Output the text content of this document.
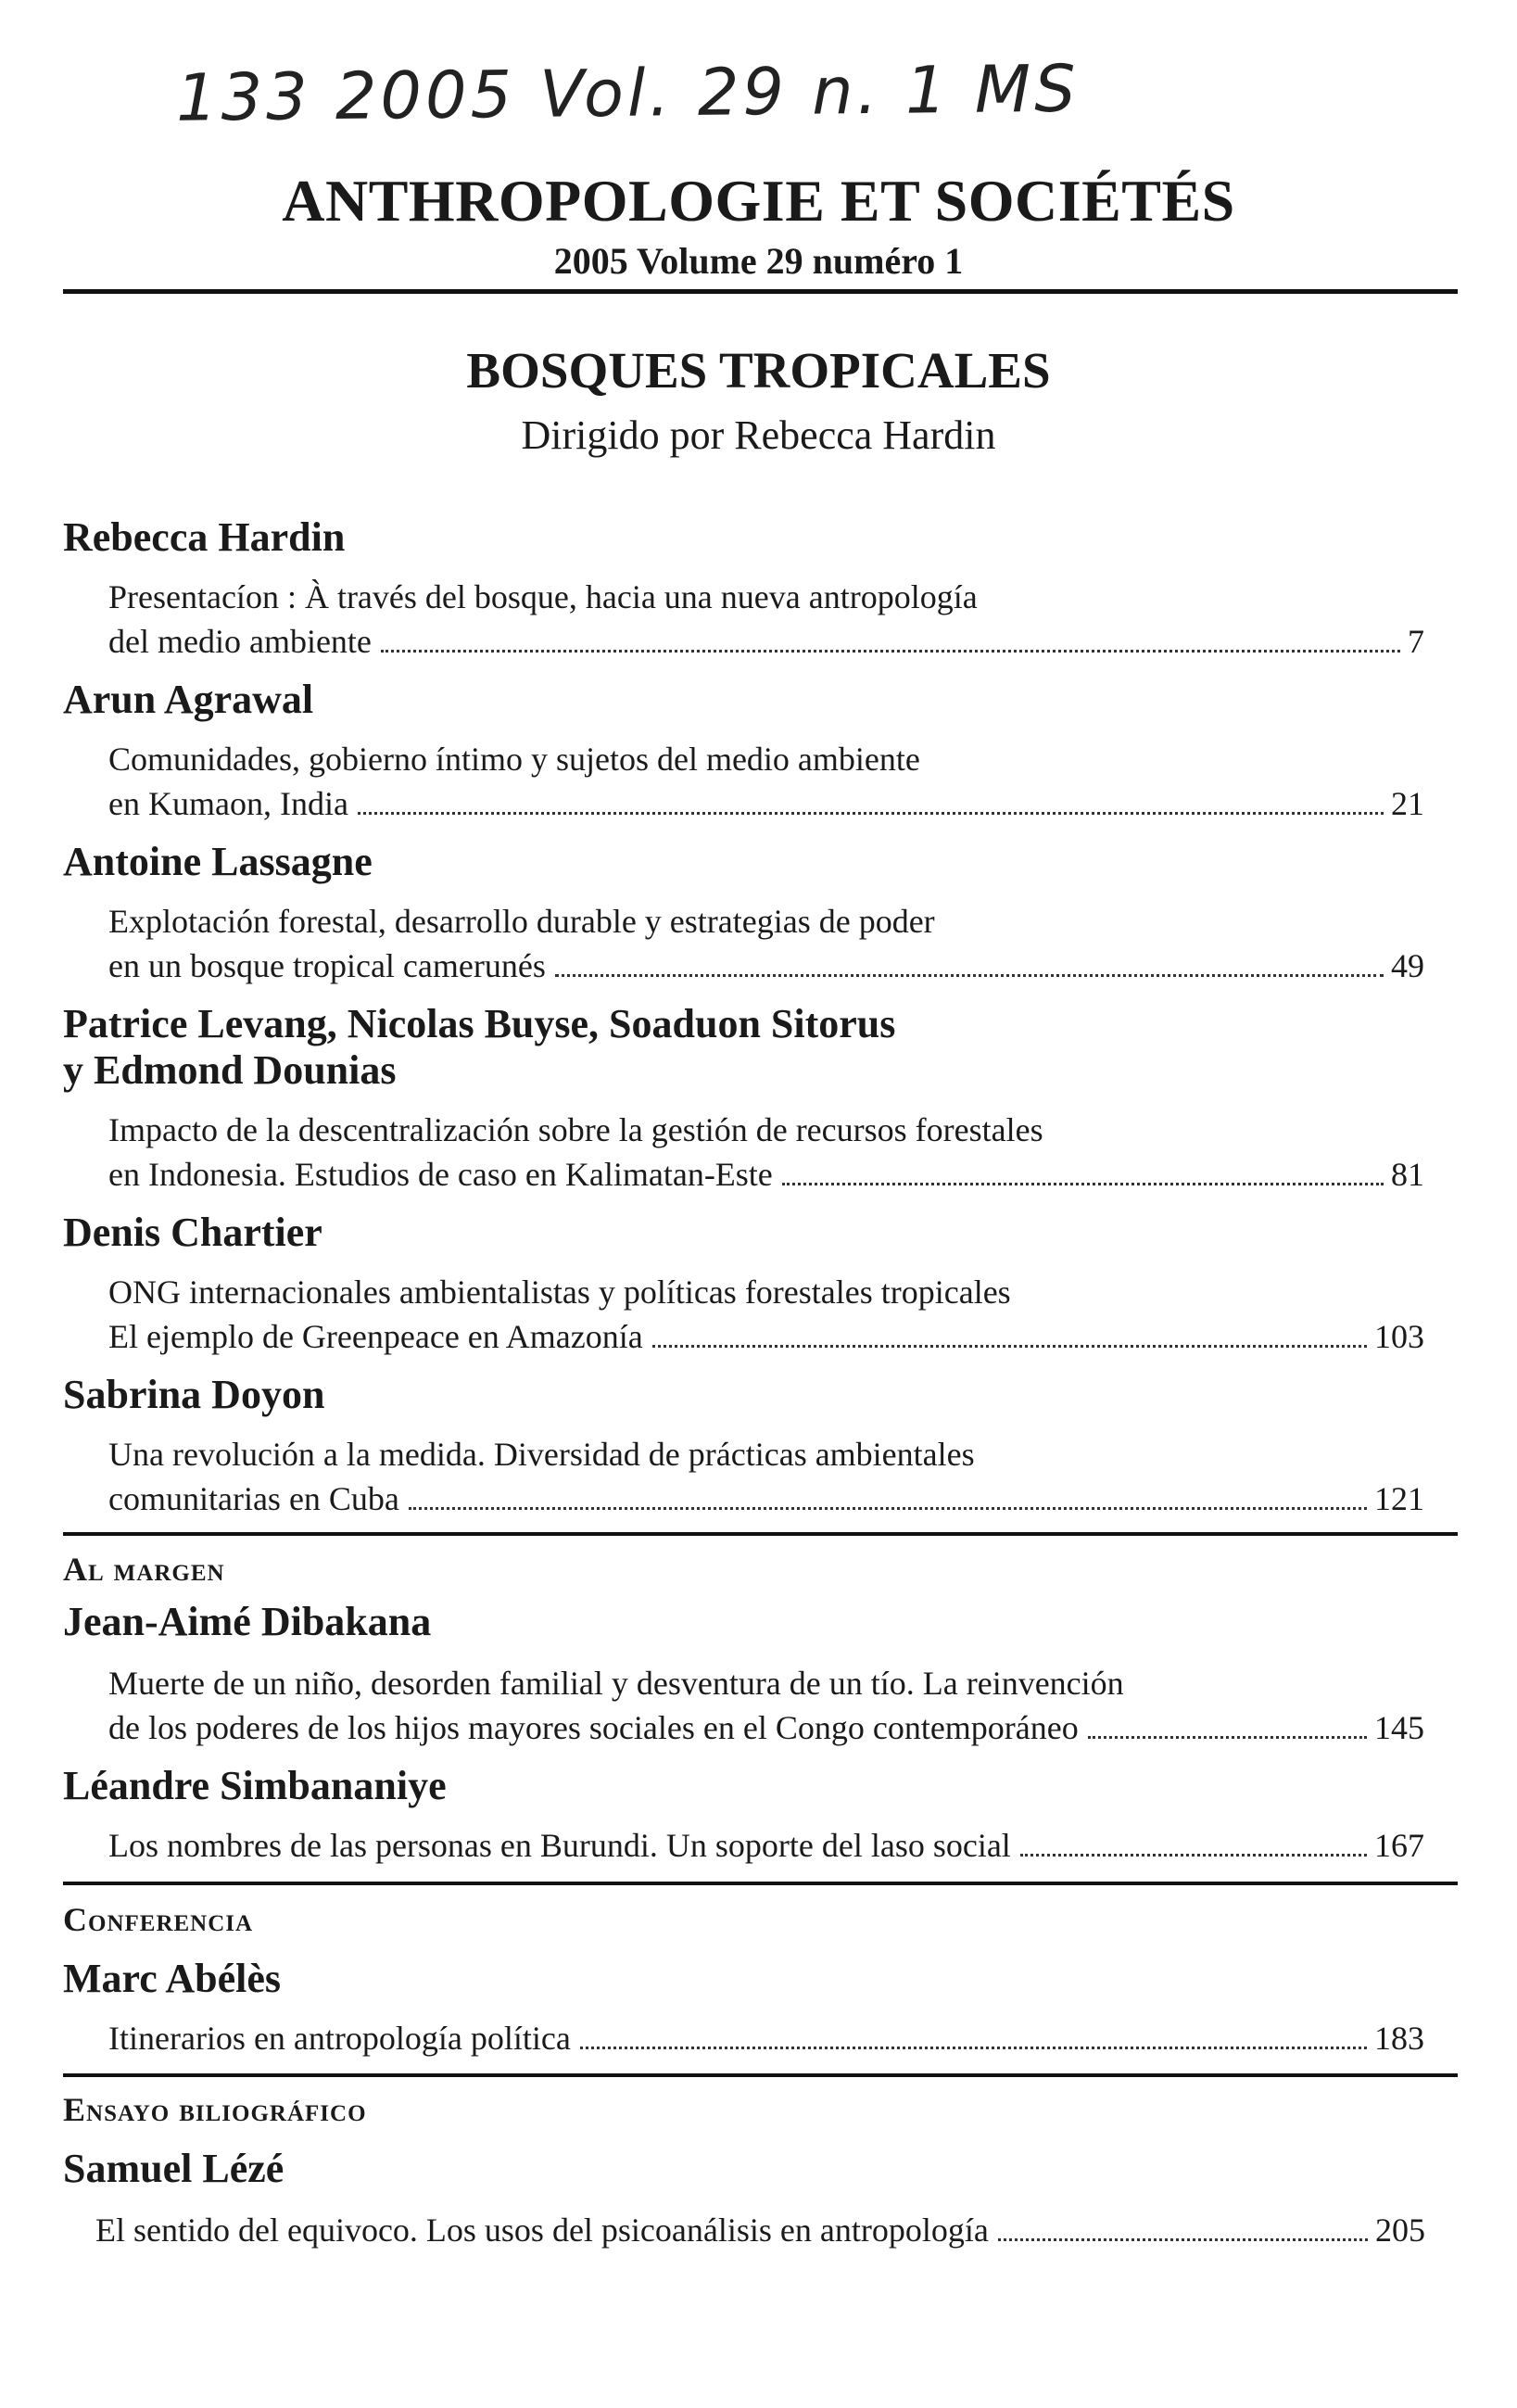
133 2005 Vol. 29 n. 1 MS
ANTHROPOLOGIE ET SOCIÉTÉS
2005 Volume 29 numéro 1
BOSQUES TROPICALES
Dirigido por Rebecca Hardin
Rebecca Hardin
Presentacíon : À través del bosque, hacia una nueva antropología
del medio ambiente	7
Arun Agrawal
Comunidades, gobierno íntimo y sujetos del medio ambiente
en Kumaon, India	21
Antoine Lassagne
Explotación forestal, desarrollo durable y estrategias de poder
en un bosque tropical camerunés	49
Patrice Levang, Nicolas Buyse, Soaduon Sitorus
y Edmond Dounias
Impacto de la descentralización sobre la gestión de recursos forestales
en Indonesia. Estudios de caso en Kalimatan-Este	81
Denis Chartier
ONG internacionales ambientalistas y políticas forestales tropicales
El ejemplo de Greenpeace en Amazonía	103
Sabrina Doyon
Una revolución a la medida. Diversidad de prácticas ambientales
comunitarias en Cuba	121
Al margen
Jean-Aimé Dibakana
Muerte de un niño, desorden familial y desventura de un tío. La reinvención
de los poderes de los hijos mayores sociales en el Congo contemporáneo	145
Léandre Simbananiye
Los nombres de las personas en Burundi. Un soporte del laso social	167
Conferencia
Marc Abélès
Itinerarios en antropología política	183
Ensayo biliográfico
Samuel Lézé
El sentido del equivoco. Los usos del psicoanálisis en antropología	205
